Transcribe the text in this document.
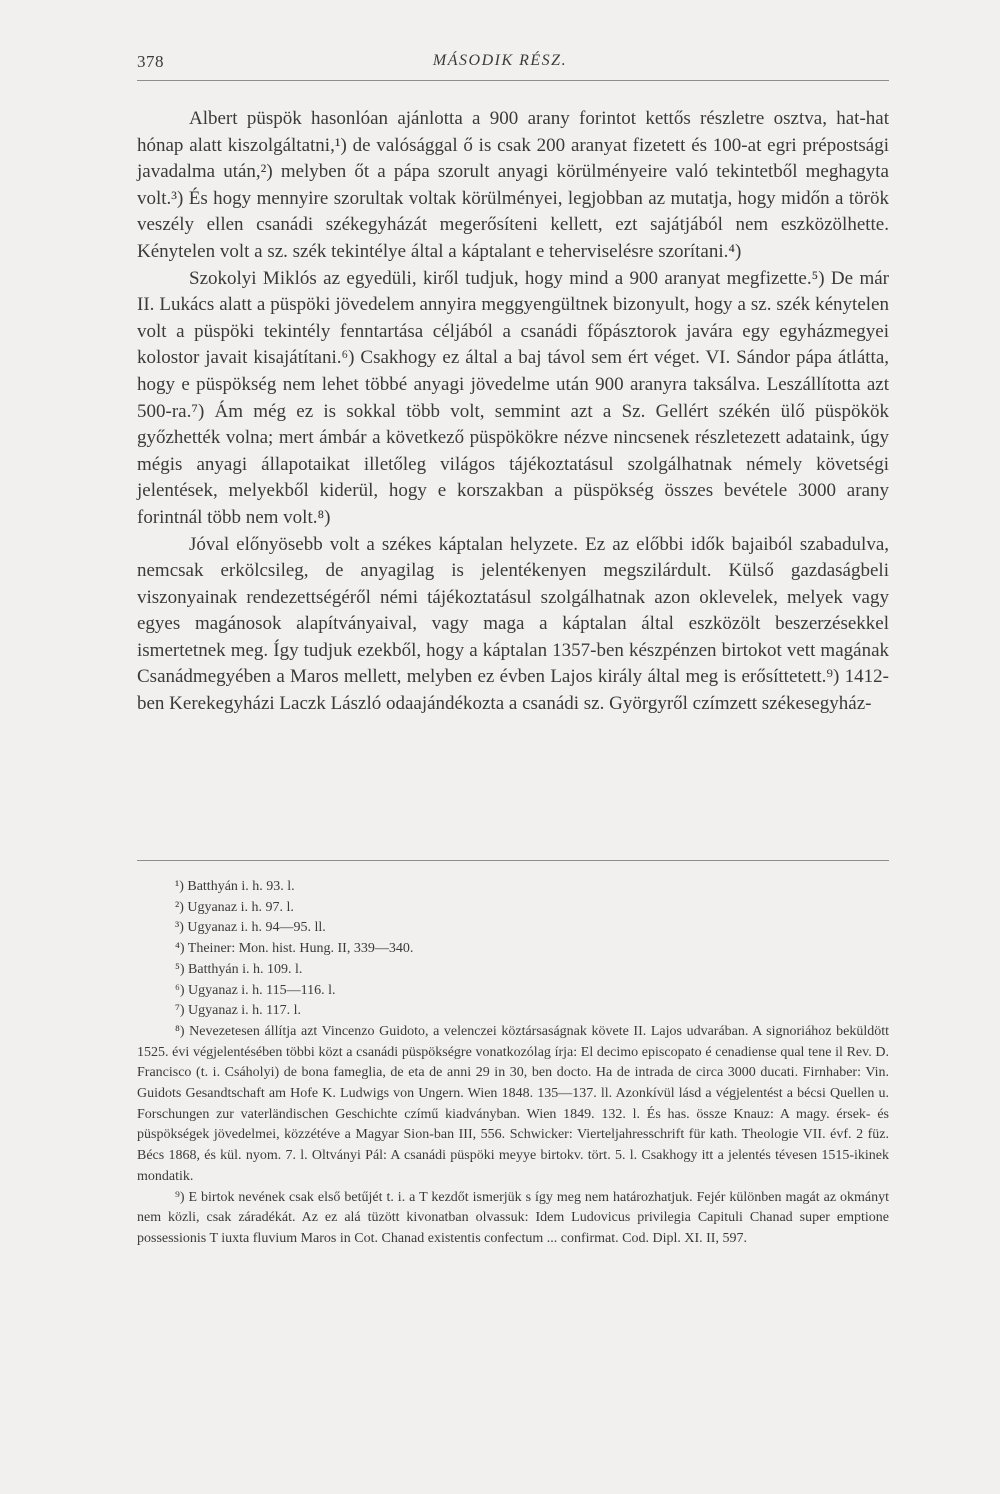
378	MÁSODIK RÉSZ.

Albert püspök hasonlóan ajánlotta a 900 arany forintot kettős részletre osztva, hat-hat hónap alatt kiszolgáltatni,¹) de valósággal ő is csak 200 aranyat fizetett és 100-at egri prépostsági javadalma után,²) melyben őt a pápa szorult anyagi körülményeire való tekintetből meghagyta volt.³) És hogy mennyire szorultak voltak körülményei, legjobban az mutatja, hogy midőn a török veszély ellen csanádi székegyházát megerősíteni kellett, ezt sajátjából nem eszközölhette. Kénytelen volt a sz. szék tekintélye által a káptalant e teherviselésre szorítani.⁴)

Szokolyi Miklós az egyedüli, kiről tudjuk, hogy mind a 900 aranyat megfizette.⁵) De már II. Lukács alatt a püspöki jövedelem annyira meggyengültnek bizonyult, hogy a sz. szék kénytelen volt a püspöki tekintély fenntartása céljából a csanádi főpásztorok javára egy egyházmegyei kolostor javait kisajátítani.⁶) Csakhogy ez által a baj távol sem ért véget. VI. Sándor pápa átlátta, hogy e püspökség nem lehet többé anyagi jövedelme után 900 aranyra taksálva. Leszállította azt 500-ra.⁷) Ám még ez is sokkal több volt, semmint azt a Sz. Gellért székén ülő püspökök győzhették volna; mert ámbár a következő püspökökre nézve nincsenek részletezett adataink, úgy mégis anyagi állapotaikat illetőleg világos tájékoztatásul szolgálhatnak némely követségi jelentések, melyekből kiderül, hogy e korszakban a püspökség összes bevétele 3000 arany forintnál több nem volt.⁸)

Jóval előnyösebb volt a székes káptalan helyzete. Ez az előbbi idők bajaiból szabadulva, nemcsak erkölcsileg, de anyagilag is jelentékenyen megszilárdult. Külső gazdaságbeli viszonyainak rendezettségéről némi tájékoztatásul szolgálhatnak azon oklevelek, melyek vagy egyes magánosok alapítványaival, vagy maga a káptalan által eszközölt beszerzésekkel ismertetnek meg. Így tudjuk ezekből, hogy a káptalan 1357-ben készpénzen birtokot vett magának Csanádmegyében a Maros mellett, melyben ez évben Lajos király által meg is erősíttetett.⁹) 1412-ben Kerekegyházi Laczk László odaajándékozta a csanádi sz. Györgyről czímzett székesegyház-

¹) Batthyán i. h. 93. l.

²) Ugyanaz i. h. 97. l.

³) Ugyanaz i. h. 94—95. ll.

⁴) Theiner: Mon. hist. Hung. II, 339—340.

⁵) Batthyán i. h. 109. l.

⁶) Ugyanaz i. h. 115—116. l.

⁷) Ugyanaz i. h. 117. l.

⁸) Nevezetesen állítja azt Vincenzo Guidoto, a velenczei köztársaságnak követe II. Lajos udvarában. A signoriához beküldött 1525. évi végjelentésében többi közt a csanádi püspökségre vonatkozólag írja: El decimo episcopato é cenadiense qual tene il Rev. D. Francisco (t. i. Csáholyi) de bona fameglia, de eta de anni 29 in 30, ben docto. Ha de intrada de circa 3000 ducati. Firnhaber: Vin. Guidots Gesandtschaft am Hofe K. Ludwigs von Ungern. Wien 1848. 135—137. ll. Azonkívül lásd a végjelentést a bécsi Quellen u. Forschungen zur vaterländischen Geschichte czímű kiadványban. Wien 1849. 132. l. És has. össze Knauz: A magy. érsek- és püspökségek jövedelmei, közzétéve a Magyar Sion-ban III, 556. Schwicker: Vierteljahresschrift für kath. Theologie VII. évf. 2 füz. Bécs 1868, és kül. nyom. 7. l. Oltványi Pál: A csanádi püspöki meyye birtokv. tört. 5. l. Csakhogy itt a jelentés tévesen 1515-ikinek mondatik.

⁹) E birtok nevének csak első betűjét t. i. a T kezdőt ismerjük s így meg nem határozhatjuk. Fejér különben magát az okmányt nem közli, csak záradékát. Az ez alá tüzött kivonatban olvassuk: Idem Ludovicus privilegia Capituli Chanad super emptione possessionis T iuxta fluvium Maros in Cot. Chanad existentis confectum ... confirmat. Cod. Dipl. XI. II, 597.
